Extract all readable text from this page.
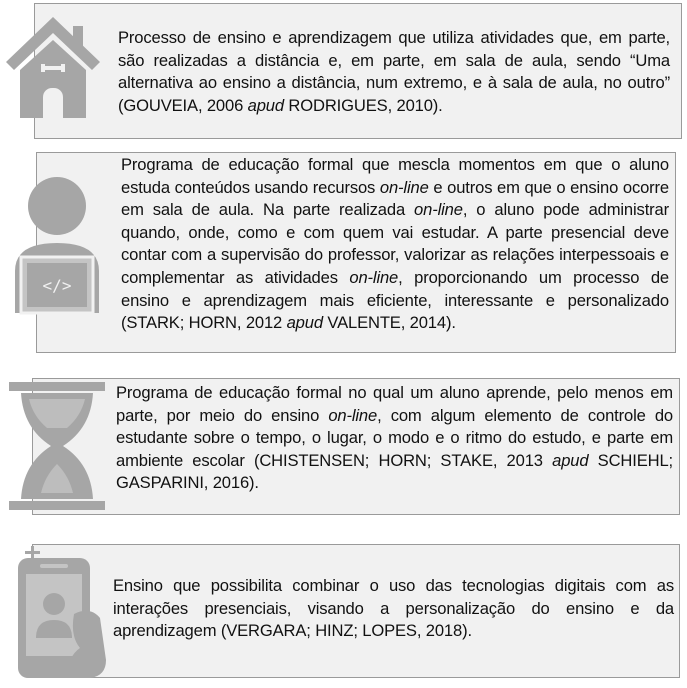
</>
Processo de ensino e aprendizagem que utiliza atividades que, em parte, são realizadas a distância e, em parte, em sala de aula, sendo “Uma alternativa ao ensino a distância, num extremo, e à sala de aula, no outro” (GOUVEIA, 2006 apud RODRIGUES, 2010).
Programa de educação formal que mescla momentos em que o aluno estuda conteúdos usando recursos on-line e outros em que o ensino ocorre em sala de aula. Na parte realizada on-line, o aluno pode administrar quando, onde, como e com quem vai estudar. A parte presencial deve contar com a supervisão do professor, valorizar as relações interpessoais e complementar as atividades on-line, proporcionando um processo de ensino e aprendizagem mais eficiente, interessante e personalizado (STARK; HORN, 2012 apud VALENTE, 2014).
Programa de educação formal no qual um aluno aprende, pelo menos em parte, por meio do ensino on-line, com algum elemento de controle do estudante sobre o tempo, o lugar, o modo e o ritmo do estudo, e parte em ambiente escolar (CHISTENSEN; HORN; STAKE, 2013 apud SCHIEHL; GASPARINI, 2016).
Ensino que possibilita combinar o uso das tecnologias digitais com as interações presenciais, visando a personalização do ensino e da aprendizagem (VERGARA; HINZ; LOPES, 2018).
